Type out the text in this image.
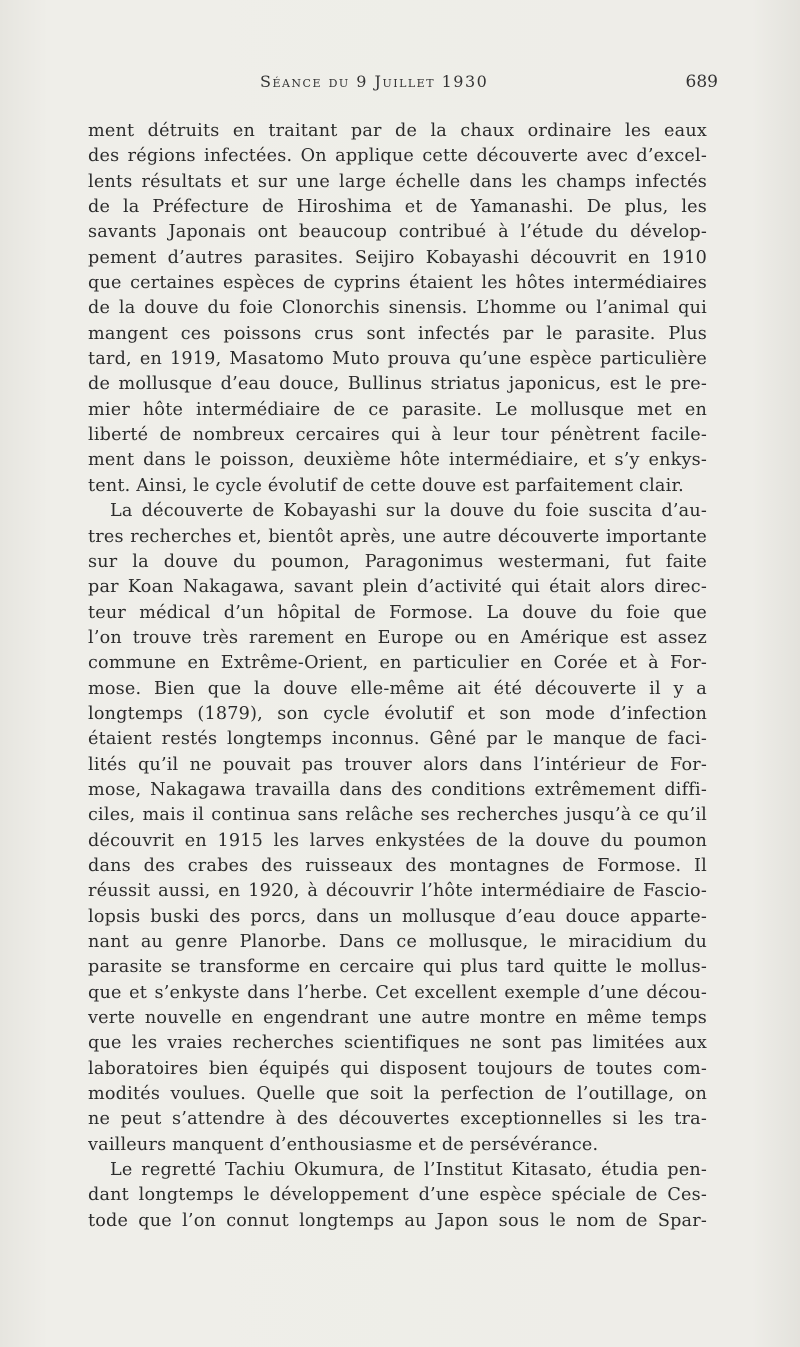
Séance du 9 Juillet 1930	689
ment détruits en traitant par de la chaux ordinaire les eaux
des régions infectées. On applique cette découverte avec d’excel-
lents résultats et sur une large échelle dans les champs infectés
de la Préfecture de Hiroshima et de Yamanashi. De plus, les
savants Japonais ont beaucoup contribué à l’étude du dévelop-
pement d’autres parasites. Seijiro Kobayashi découvrit en 1910
que certaines espèces de cyprins étaient les hôtes intermédiaires
de la douve du foie Clonorchis sinensis. L’homme ou l’animal qui
mangent ces poissons crus sont infectés par le parasite. Plus
tard, en 1919, Masatomo Muto prouva qu’une espèce particulière
de mollusque d’eau douce, Bullinus striatus japonicus, est le pre-
mier hôte intermédiaire de ce parasite. Le mollusque met en
liberté de nombreux cercaires qui à leur tour pénètrent facile-
ment dans le poisson, deuxième hôte intermédiaire, et s’y enkys-
tent. Ainsi, le cycle évolutif de cette douve est parfaitement clair.
La découverte de Kobayashi sur la douve du foie suscita d’au-
tres recherches et, bientôt après, une autre découverte importante
sur la douve du poumon, Paragonimus westermani, fut faite
par Koan Nakagawa, savant plein d’activité qui était alors direc-
teur médical d’un hôpital de Formose. La douve du foie que
l’on trouve très rarement en Europe ou en Amérique est assez
commune en Extrême-Orient, en particulier en Corée et à For-
mose. Bien que la douve elle-même ait été découverte il y a
longtemps (1879), son cycle évolutif et son mode d’infection
étaient restés longtemps inconnus. Gêné par le manque de faci-
lités qu’il ne pouvait pas trouver alors dans l’intérieur de For-
mose, Nakagawa travailla dans des conditions extrêmement diffi-
ciles, mais il continua sans relâche ses recherches jusqu’à ce qu’il
découvrit en 1915 les larves enkystées de la douve du poumon
dans des crabes des ruisseaux des montagnes de Formose. Il
réussit aussi, en 1920, à découvrir l’hôte intermédiaire de Fascio-
lopsis buski des porcs, dans un mollusque d’eau douce apparte-
nant au genre Planorbe. Dans ce mollusque, le miracidium du
parasite se transforme en cercaire qui plus tard quitte le mollus-
que et s’enkyste dans l’herbe. Cet excellent exemple d’une décou-
verte nouvelle en engendrant une autre montre en même temps
que les vraies recherches scientifiques ne sont pas limitées aux
laboratoires bien équipés qui disposent toujours de toutes com-
modités voulues. Quelle que soit la perfection de l’outillage, on
ne peut s’attendre à des découvertes exceptionnelles si les tra-
vailleurs manquent d’enthousiasme et de persévérance.
Le regretté Tachiu Okumura, de l’Institut Kitasato, étudia pen-
dant longtemps le développement d’une espèce spéciale de Ces-
tode que l’on connut longtemps au Japon sous le nom de Spar-
